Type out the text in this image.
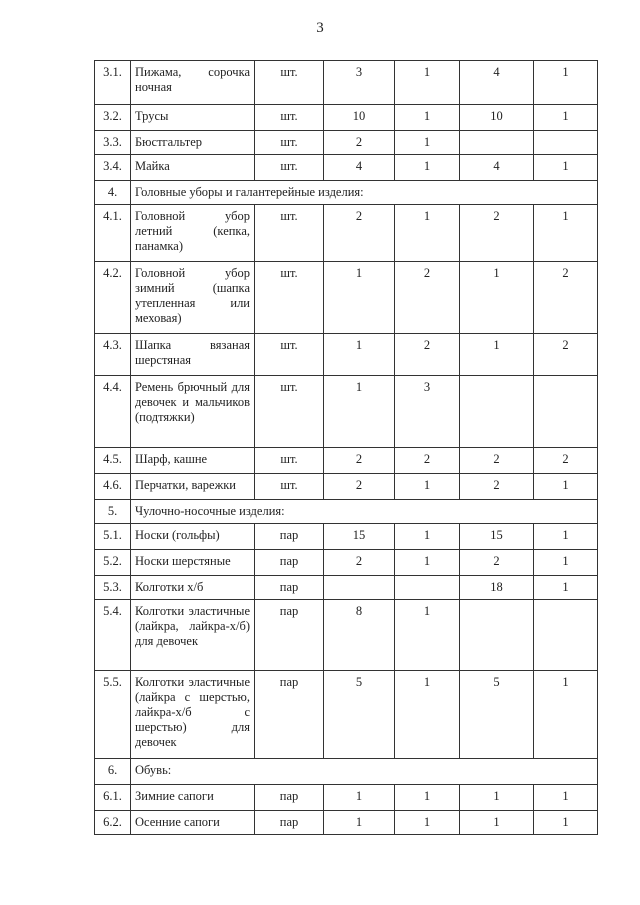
3
3.1.	Пижама, сорочка ночная	шт.	3	1	4	1
3.2.	Трусы	шт.	10	1	10	1
3.3.	Бюстгальтер	шт.	2	1		
3.4.	Майка	шт.	4	1	4	1
4.	Головные уборы и галантерейные изделия:					
4.1.	Головной убор летний (кепка, панамка)	шт.	2	1	2	1
4.2.	Головной убор зимний (шапка утепленная или меховая)	шт.	1	2	1	2
4.3.	Шапка вязаная шерстяная	шт.	1	2	1	2
4.4.	Ремень брючный для девочек и мальчиков (подтяжки)	шт.	1	3		
4.5.	Шарф, кашне	шт.	2	2	2	2
4.6.	Перчатки, варежки	шт.	2	1	2	1
5.	Чулочно-носочные изделия:					
5.1.	Носки (гольфы)	пар	15	1	15	1
5.2.	Носки шерстяные	пар	2	1	2	1
5.3.	Колготки х/б	пар			18	1
5.4.	Колготки эластичные (лайкра, лайкра-х/б) для девочек	пар	8	1		
5.5.	Колготки эластичные (лайкра с шерстью, лайкра-х/б с шерстью) для девочек	пар	5	1	5	1
6.	Обувь:					
6.1.	Зимние сапоги	пар	1	1	1	1
6.2.	Осенние сапоги	пар	1	1	1	1
